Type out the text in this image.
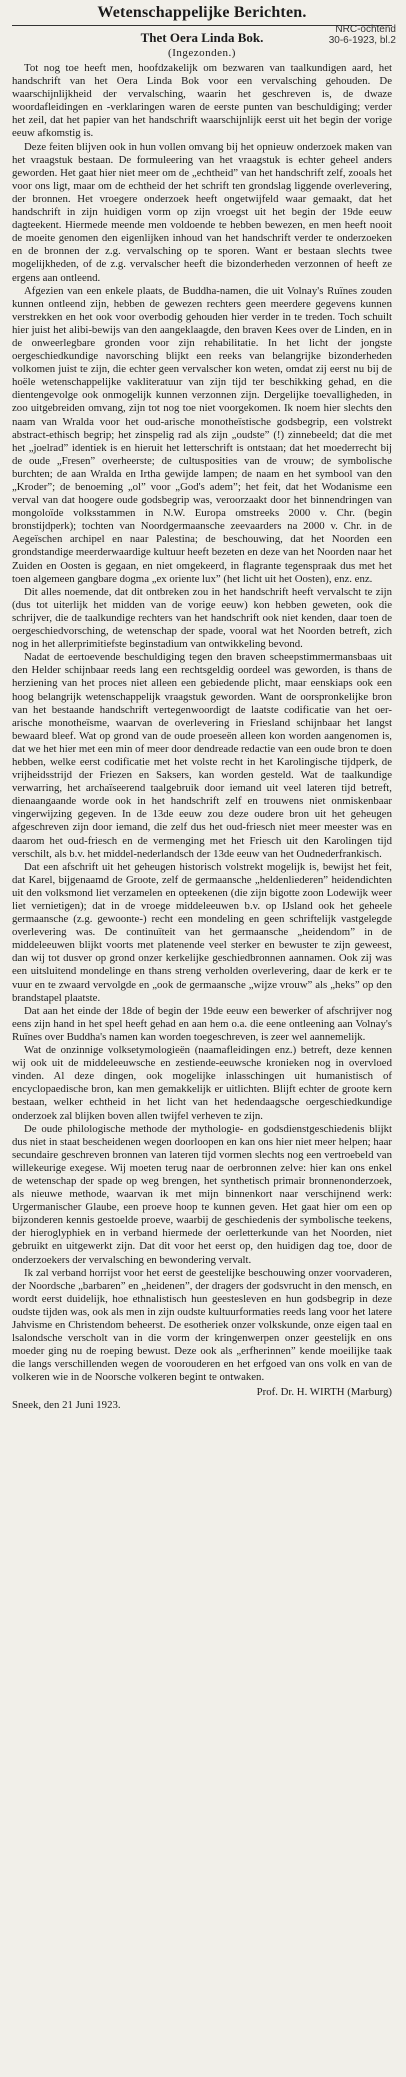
Wetenschappelijke Berichten.
NRC-ochtend
30-6-1923, bl.2
Thet Oera Linda Bok.
(Ingezonden.)

Tot nog toe heeft men, hoofdzakelijk om bezwaren van taalkundigen aard, het handschrift van het Oera Linda Bok voor een vervalsching gehouden. De waarschijnlijkheid der vervalsching, waarin het geschreven is, de dwaze woordafleidingen en -verklaringen waren de eerste punten van beschuldiging; verder het zeil, dat het papier van het handschrift waarschijnlijk eerst uit het begin der vorige eeuw afkomstig is.

Deze feiten blijven ook in hun vollen omvang bij het opnieuw onderzoek maken van het vraagstuk bestaan. De formuleering van het vraagstuk is echter geheel anders geworden. Het gaat hier niet meer om de „echtheid” van het handschrift zelf, zooals het voor ons ligt, maar om de echtheid der het schrift ten grondslag liggende overlevering, der bronnen. Het vroegere onderzoek heeft ongetwijfeld waar gemaakt, dat het handschrift in zijn huidigen vorm op zijn vroegst uit het begin der 19de eeuw dagteekent. Hiermede meende men voldoende te hebben bewezen, en men heeft nooit de moeite genomen den eigenlijken inhoud van het handschrift verder te onderzoeken en de bronnen der z.g. vervalsching op te sporen. Want er bestaan slechts twee mogelijkheden, of de z.g. vervalscher heeft die bizonderheden verzonnen of heeft ze ergens aan ontleend.

Afgezien van een enkele plaats, de Buddha-namen, die uit Volnay's Ruïnes zouden kunnen ontleend zijn, hebben de gewezen rechters geen meerdere gegevens kunnen verstrekken en het ook voor overbodig gehouden hier verder in te treden. Toch schuilt hier juist het alibi-bewijs van den aangeklaagde, den braven Kees over de Linden, en in de onweerlegbare gronden voor zijn rehabilitatie. In het licht der jongste oergeschiedkundige navorsching blijkt een reeks van belangrijke bizonderheden volkomen juist te zijn, die echter geen vervalscher kon weten, omdat zij eerst nu bij de hoële wetenschappelijke vakliteratuur van zijn tijd ter beschikking gehad, en die dientengevolge ook onmogelijk kunnen verzonnen zijn. Dergelijke toevalligheden, in zoo uitgebreiden omvang, zijn tot nog toe niet voorgekomen. Ik noem hier slechts den naam van Wralda voor het oud-arische monotheïstische godsbegrip, een volstrekt abstract-ethisch begrip; het zinspelig rad als zijn „oudste” (!) zinnebeeld; dat die met het „joelrad” identiek is en hieruit het letterschrift is ontstaan; dat het moederrecht bij de oude „Fresen” overheerste; de cultusposities van de vrouw; de symbolische burchten; de aan Wralda en Irtha gewijde lampen; de naam en het symbool van den „Kroder”; de benoeming „ol” voor „God's adem”; het feit, dat het Wodanisme een verval van dat hoogere oude godsbegrip was, veroorzaakt door het binnendringen van mongoloïde volksstammen in N.W. Europa omstreeks 2000 v. Chr. (begin bronstijdperk); tochten van Noordgermaansche zeevaarders na 2000 v. Chr. in de Aegeïschen archipel en naar Palestina; de beschouwing, dat het Noorden een grondstandige meerderwaardige kultuur heeft bezeten en deze van het Noorden naar het Zuiden en Oosten is gegaan, en niet omgekeerd, in flagrante tegenspraak dus met het toen algemeen gangbare dogma „ex oriente lux” (het licht uit het Oosten), enz. enz.

Dit alles noemende, dat dit ontbreken zou in het handschrift heeft vervalscht te zijn (dus tot uiterlijk het midden van de vorige eeuw) kon hebben geweten, ook die schrijver, die de taalkundige rechters van het handschrift ook niet kenden, daar toen de oergeschiedvorsching, de wetenschap der spade, vooral wat het Noorden betreft, zich nog in het allerprimitiefste beginstadium van ontwikkeling bevond.

Nadat de eertoevende beschuldiging tegen den braven scheepstimmermansbaas uit den Helder schijnbaar reeds lang een rechtsgeldig oordeel was geworden, is thans de herziening van het proces niet alleen een gebiedende plicht, maar eenskiaps ook een hoog belangrijk wetenschappelijk vraagstuk geworden. Want de oorspronkelijke bron van het bestaande handschrift vertegenwoordigt de laatste codificatie van het oer-arische monotheïsme, waarvan de overlevering in Friesland schijnbaar het langst bewaard bleef. Wat op grond van de oude proeseën alleen kon worden aangenomen is, dat we het hier met een min of meer door dendreade redactie van een oude bron te doen hebben, welke eerst codificatie met het volste recht in het Karolingische tijdperk, de vrijheidsstrijd der Friezen en Saksers, kan worden gesteld. Wat de taalkundige verwarring, het archaïseerend taalgebruik door iemand uit veel lateren tijd betreft, dienaangaande worde ook in het handschrift zelf en trouwens niet onmiskenbaar vingerwijzing gegeven. In de 13de eeuw zou deze oudere bron uit het geheugen afgeschreven zijn door iemand, die zelf dus het oud-friesch niet meer meester was en daarom het oud-friesch en de vermenging met het Friesch uit den Karolingen tijd verschilt, als b.v. het middel-nederlandsch der 13de eeuw van het Oudnederfrankisch.

Dat een afschrift uit het geheugen historisch volstrekt mogelijk is, bewijst het feit, dat Karel, bijgenaamd de Groote, zelf de germaansche „heldenliederen” heidendichten uit den volksmond liet verzamelen en opteekenen (die zijn bigotte zoon Lodewijk weer liet vernietigen); dat in de vroege middeleeuwen b.v. op IJsland ook het geheele germaansche (z.g. gewoonte-) recht een mondeling en geen schriftelijk vastgelegde overlevering was. De continuïteit van het germaansche „heidendom” in de middeleeuwen blijkt voorts met platenende veel sterker en bewuster te zijn geweest, dan wij tot dusver op grond onzer kerkelijke geschiedbronnen aannamen. Ook zij was een uitsluitend mondelinge en thans streng verholden overlevering, daar de kerk er te vuur en te zwaard vervolgde en „ook de germaansche „wijze vrouw” als „heks” op den brandstapel plaatste.

Dat aan het einde der 18de of begin der 19de eeuw een bewerker of afschrijver nog eens zijn hand in het spel heeft gehad en aan hem o.a. die eene ontleening aan Volnay's Ruïnes over Buddha's namen kan worden toegeschreven, is zeer wel aannemelijk.

Wat de onzinnige volksetymologieën (naamafleidingen enz.) betreft, deze kennen wij ook uit de middeleeuwsche en zestiende-eeuwsche kronieken nog in overvloed vinden. Al deze dingen, ook mogelijke inlasschingen uit humanistisch of encyclopaedische bron, kan men gemakkelijk er uitlichten. Blijft echter de groote kern bestaan, welker echtheid in het licht van het hedendaagsche oergeschiedkundige onderzoek zal blijken boven allen twijfel verheven te zijn.

De oude philologische methode der mythologie- en godsdienstgeschiedenis blijkt dus niet in staat bescheidenen wegen doorloopen en kan ons hier niet meer helpen; haar secundaire geschreven bronnen van lateren tijd vormen slechts nog een vertroebeld van willekeurige exegese. Wij moeten terug naar de oerbronnen zelve: hier kan ons enkel de wetenschap der spade op weg brengen, het synthetisch primair bronnenonderzoek, als nieuwe methode, waarvan ik met mijn binnenkort naar verschijnend werk: Urgermanischer Glaube, een proeve hoop te kunnen geven. Het gaat hier om een op bijzonderen kennis gestoelde proeve, waarbij de geschiedenis der symbolische teekens, der hieroglyphiek en in verband hiermede der oerletterkunde van het Noorden, niet gebruikt en uitgewerkt zijn. Dat dit voor het eerst op, den huidigen dag toe, door de onderzoekers der vervalsching en bewondering vervalt.

Ik zal verband horrijst voor het eerst de geestelijke beschouwing onzer voorvaderen, der Noordsche „barbaren” en „heidenen”, der dragers der godsvrucht in den mensch, en wordt eerst duidelijk, hoe ethnalistisch hun geestesleven en hun godsbegrip in deze oudste tijden was, ook als men in zijn oudste kultuurformaties reeds lang voor het latere Jahvisme en Christendom beheerst. De esotheriek onzer volkskunde, onze eigen taal en lsalondsche verscholt van in die vorm der kringenwerpen onzer geestelijk en ons moeder ging nu de roeping bewust. Deze ook als „erfherinnen” kende moeilijke taak die langs verschillenden wegen de voorouderen en het erfgoed van ons volk en van de volkeren wie in de Noorsche volkeren begint te ontwaken.

Prof. Dr. H. WIRTH (Marburg)
Sneek, den 21 Juni 1923.
